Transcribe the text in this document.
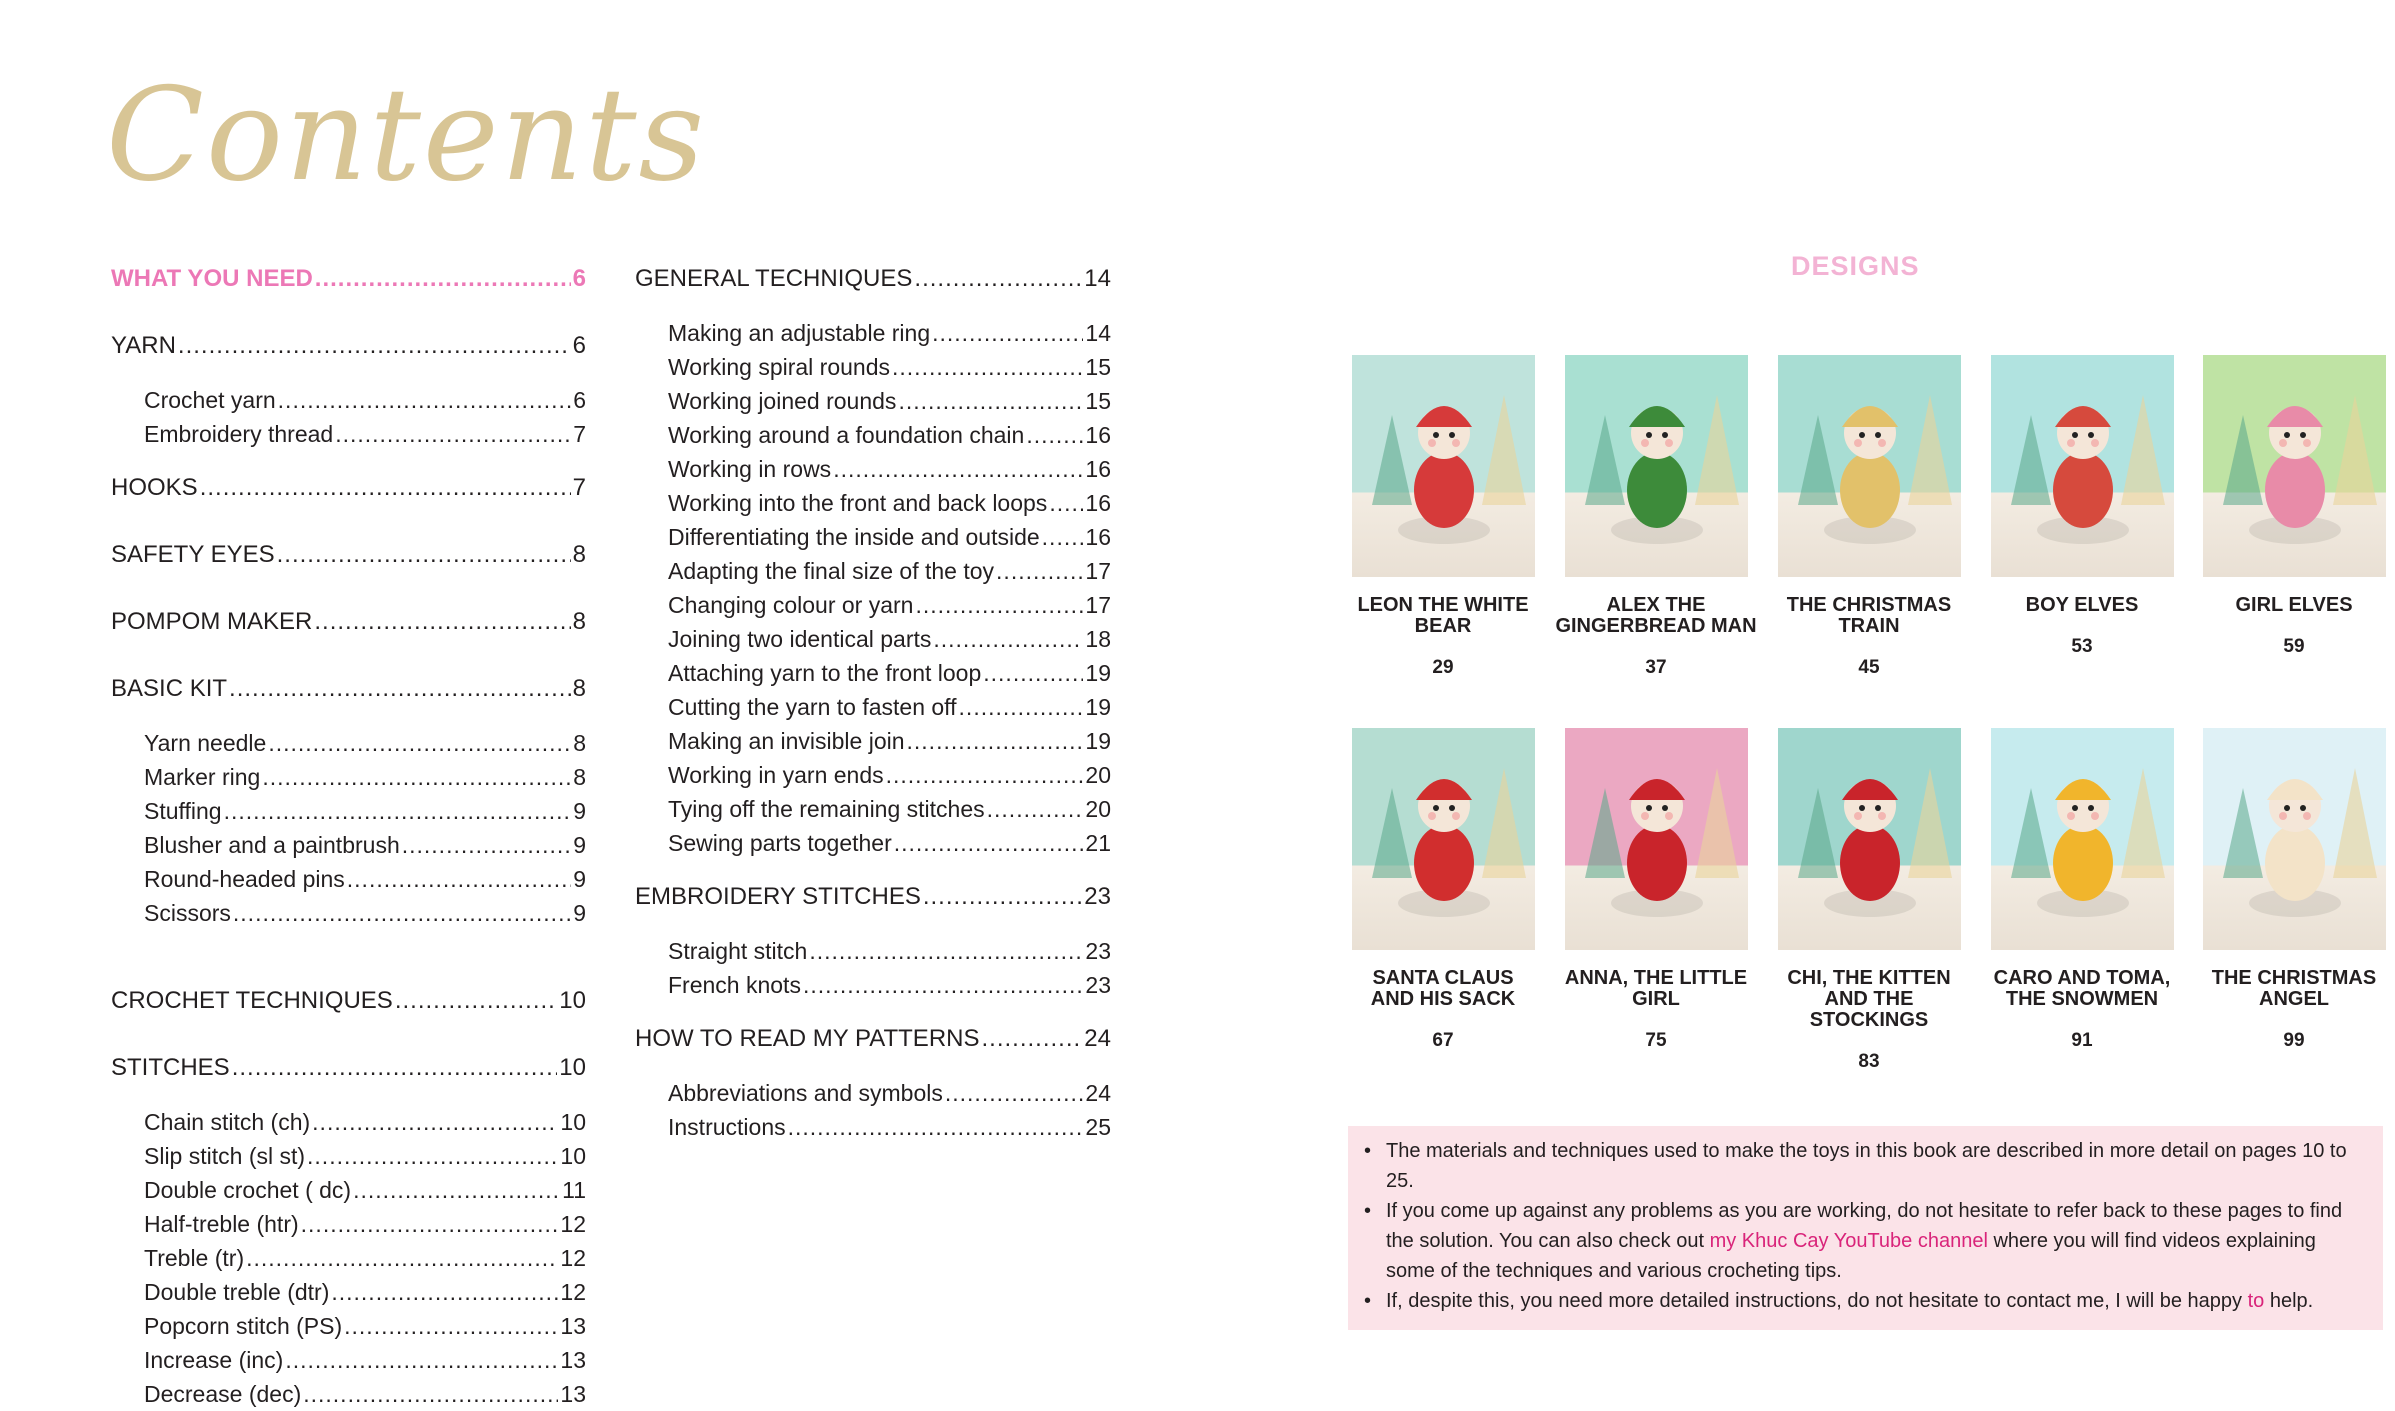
Contents
WHAT YOU NEED .....	6
YARN .....	6
Crochet yarn .....	6
Embroidery thread .....	7
HOOKS .....	7
SAFETY EYES .....	8
POMPOM MAKER .....	8
BASIC KIT .....	8
Yarn needle .....	8
Marker ring .....	8
Stuffing .....	9
Blusher and a paintbrush .....	9
Round-headed pins .....	9
Scissors .....	9
CROCHET TECHNIQUES .....	10
STITCHES .....	10
Chain stitch (ch) .....	10
Slip stitch (sl st) .....	10
Double crochet ( dc) .....	11
Half-treble (htr) .....	12
Treble (tr) .....	12
Double treble (dtr) .....	12
Popcorn stitch (PS) .....	13
Increase (inc) .....	13
Decrease (dec) .....	13
GENERAL TECHNIQUES .....	14
Making an adjustable ring .....	14
Working spiral rounds .....	15
Working joined rounds .....	15
Working around a foundation chain .....	16
Working in rows .....	16
Working into the front and back loops ..... 16
Differentiating the inside and outside ..... 16
Adapting the final size of the toy .....	17
Changing colour or yarn .....	17
Joining two identical parts .....	18
Attaching yarn to the front loop .....	19
Cutting the yarn to fasten off .....	19
Making an invisible join .....	19
Working in yarn ends .....	20
Tying off the remaining stitches .....	20
Sewing parts together .....	21
EMBROIDERY STITCHES .....	23
Straight stitch .....	23
French knots .....	23
HOW TO READ MY PATTERNS .....	24
Abbreviations and symbols .....	24
Instructions .....	25
DESIGNS
LEON THE WHITE
BEAR
29
ALEX THE
GINGERBREAD MAN
37
THE CHRISTMAS
TRAIN
45
BOY ELVES
53
GIRL ELVES
59
SANTA CLAUS
AND HIS SACK
67
ANNA, THE LITTLE
GIRL
75
CHI, THE KITTEN
AND THE
STOCKINGS
83
CARO AND TOMA,
THE SNOWMEN
91
THE CHRISTMAS
ANGEL
99
• The materials and techniques used to make the toys in this book are described in more detail on pages 10 to 25.
• If you come up against any problems as you are working, do not hesitate to refer back to these pages to find the solution. You can also check out my Khuc Cay YouTube channel where you will find videos explaining some of the techniques and various crocheting tips.
• If, despite this, you need more detailed instructions, do not hesitate to contact me, I will be happy to help.
